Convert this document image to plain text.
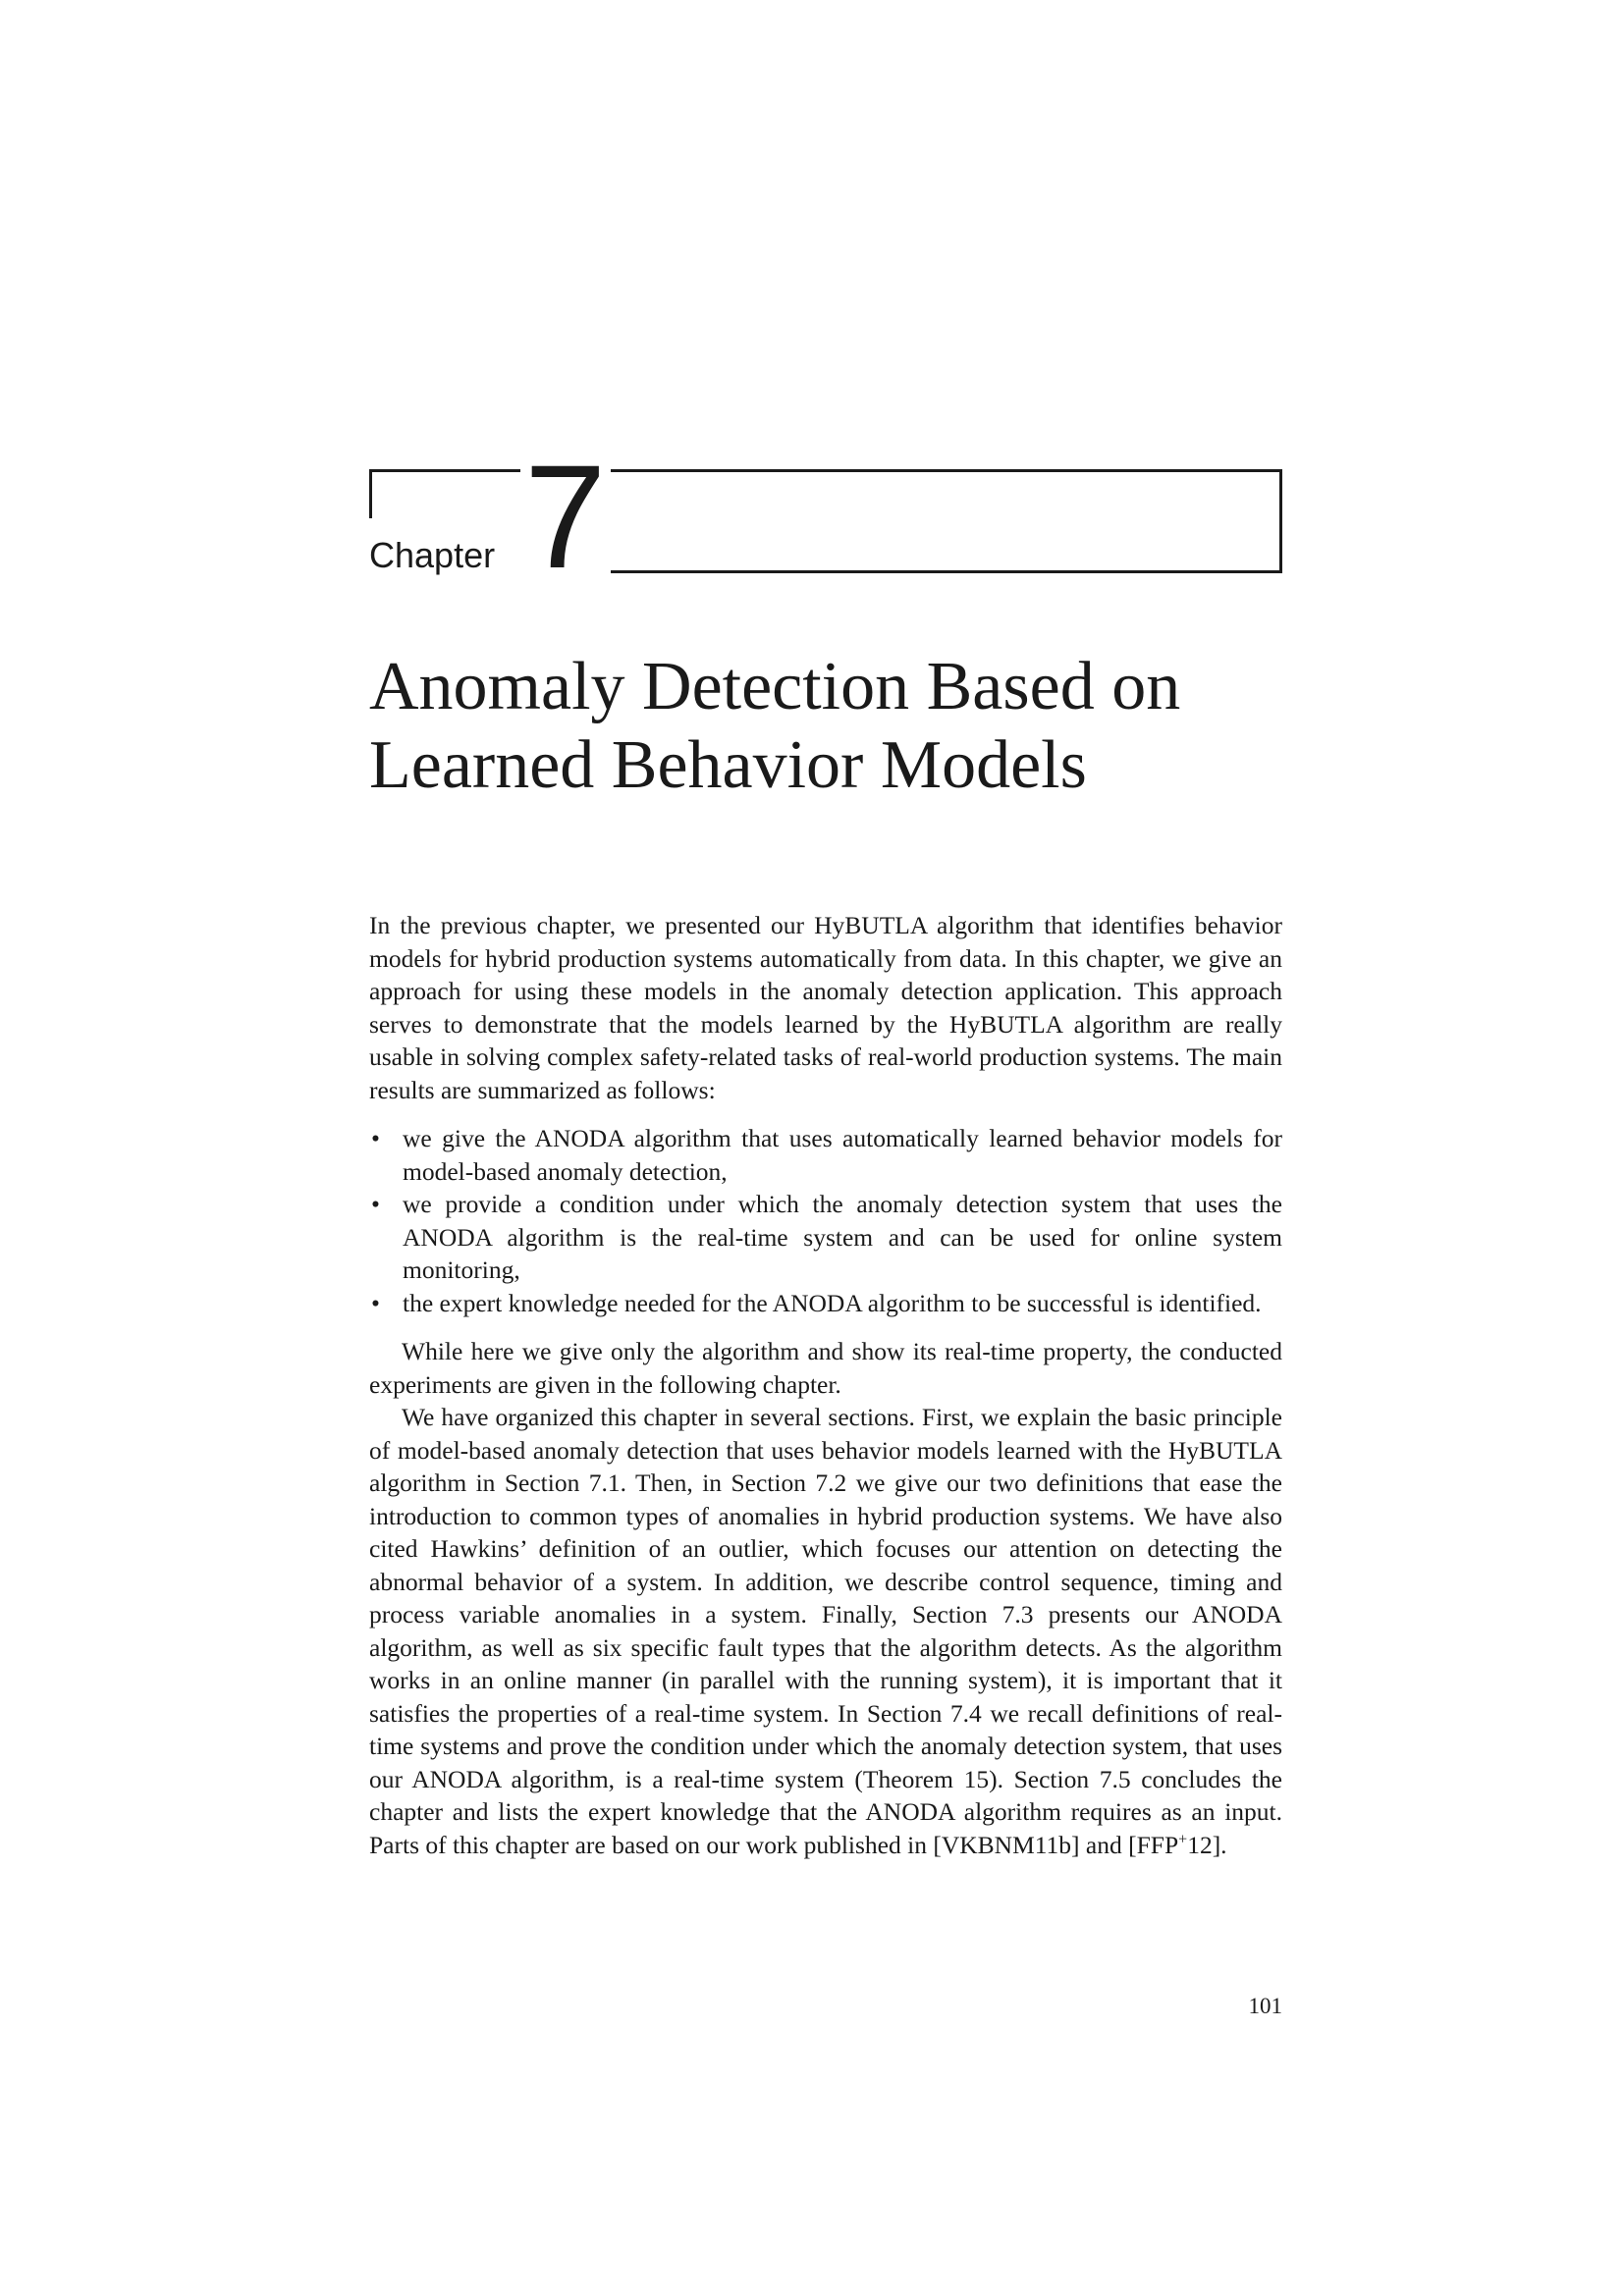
Chapter 7
Anomaly Detection Based on
Learned Behavior Models

In the previous chapter, we presented our HyBUTLA algorithm that identifies behavior models for hybrid production systems automatically from data. In this chapter, we give an approach for using these models in the anomaly detection application. This approach serves to demonstrate that the models learned by the HyBUTLA algorithm are really usable in solving complex safety-related tasks of real-world production systems. The main results are summarized as follows:

• we give the ANODA algorithm that uses automatically learned behavior models for model-based anomaly detection,
• we provide a condition under which the anomaly detection system that uses the ANODA algorithm is the real-time system and can be used for online system monitoring,
• the expert knowledge needed for the ANODA algorithm to be successful is identified.

While here we give only the algorithm and show its real-time property, the conducted experiments are given in the following chapter.

We have organized this chapter in several sections. First, we explain the basic principle of model-based anomaly detection that uses behavior models learned with the HyBUTLA algorithm in Section 7.1. Then, in Section 7.2 we give our two definitions that ease the introduction to common types of anomalies in hybrid production systems. We have also cited Hawkins’ definition of an outlier, which focuses our attention on detecting the abnormal behavior of a system. In addition, we describe control sequence, timing and process variable anomalies in a system. Finally, Section 7.3 presents our ANODA algorithm, as well as six specific fault types that the algorithm detects. As the algorithm works in an online manner (in parallel with the running system), it is important that it satisfies the properties of a real-time system. In Section 7.4 we recall definitions of real-time systems and prove the condition under which the anomaly detection system, that uses our ANODA algorithm, is a real-time system (Theorem 15). Section 7.5 concludes the chapter and lists the expert knowledge that the ANODA algorithm requires as an input. Parts of this chapter are based on our work published in [VKBNM11b] and [FFP+12].

101
